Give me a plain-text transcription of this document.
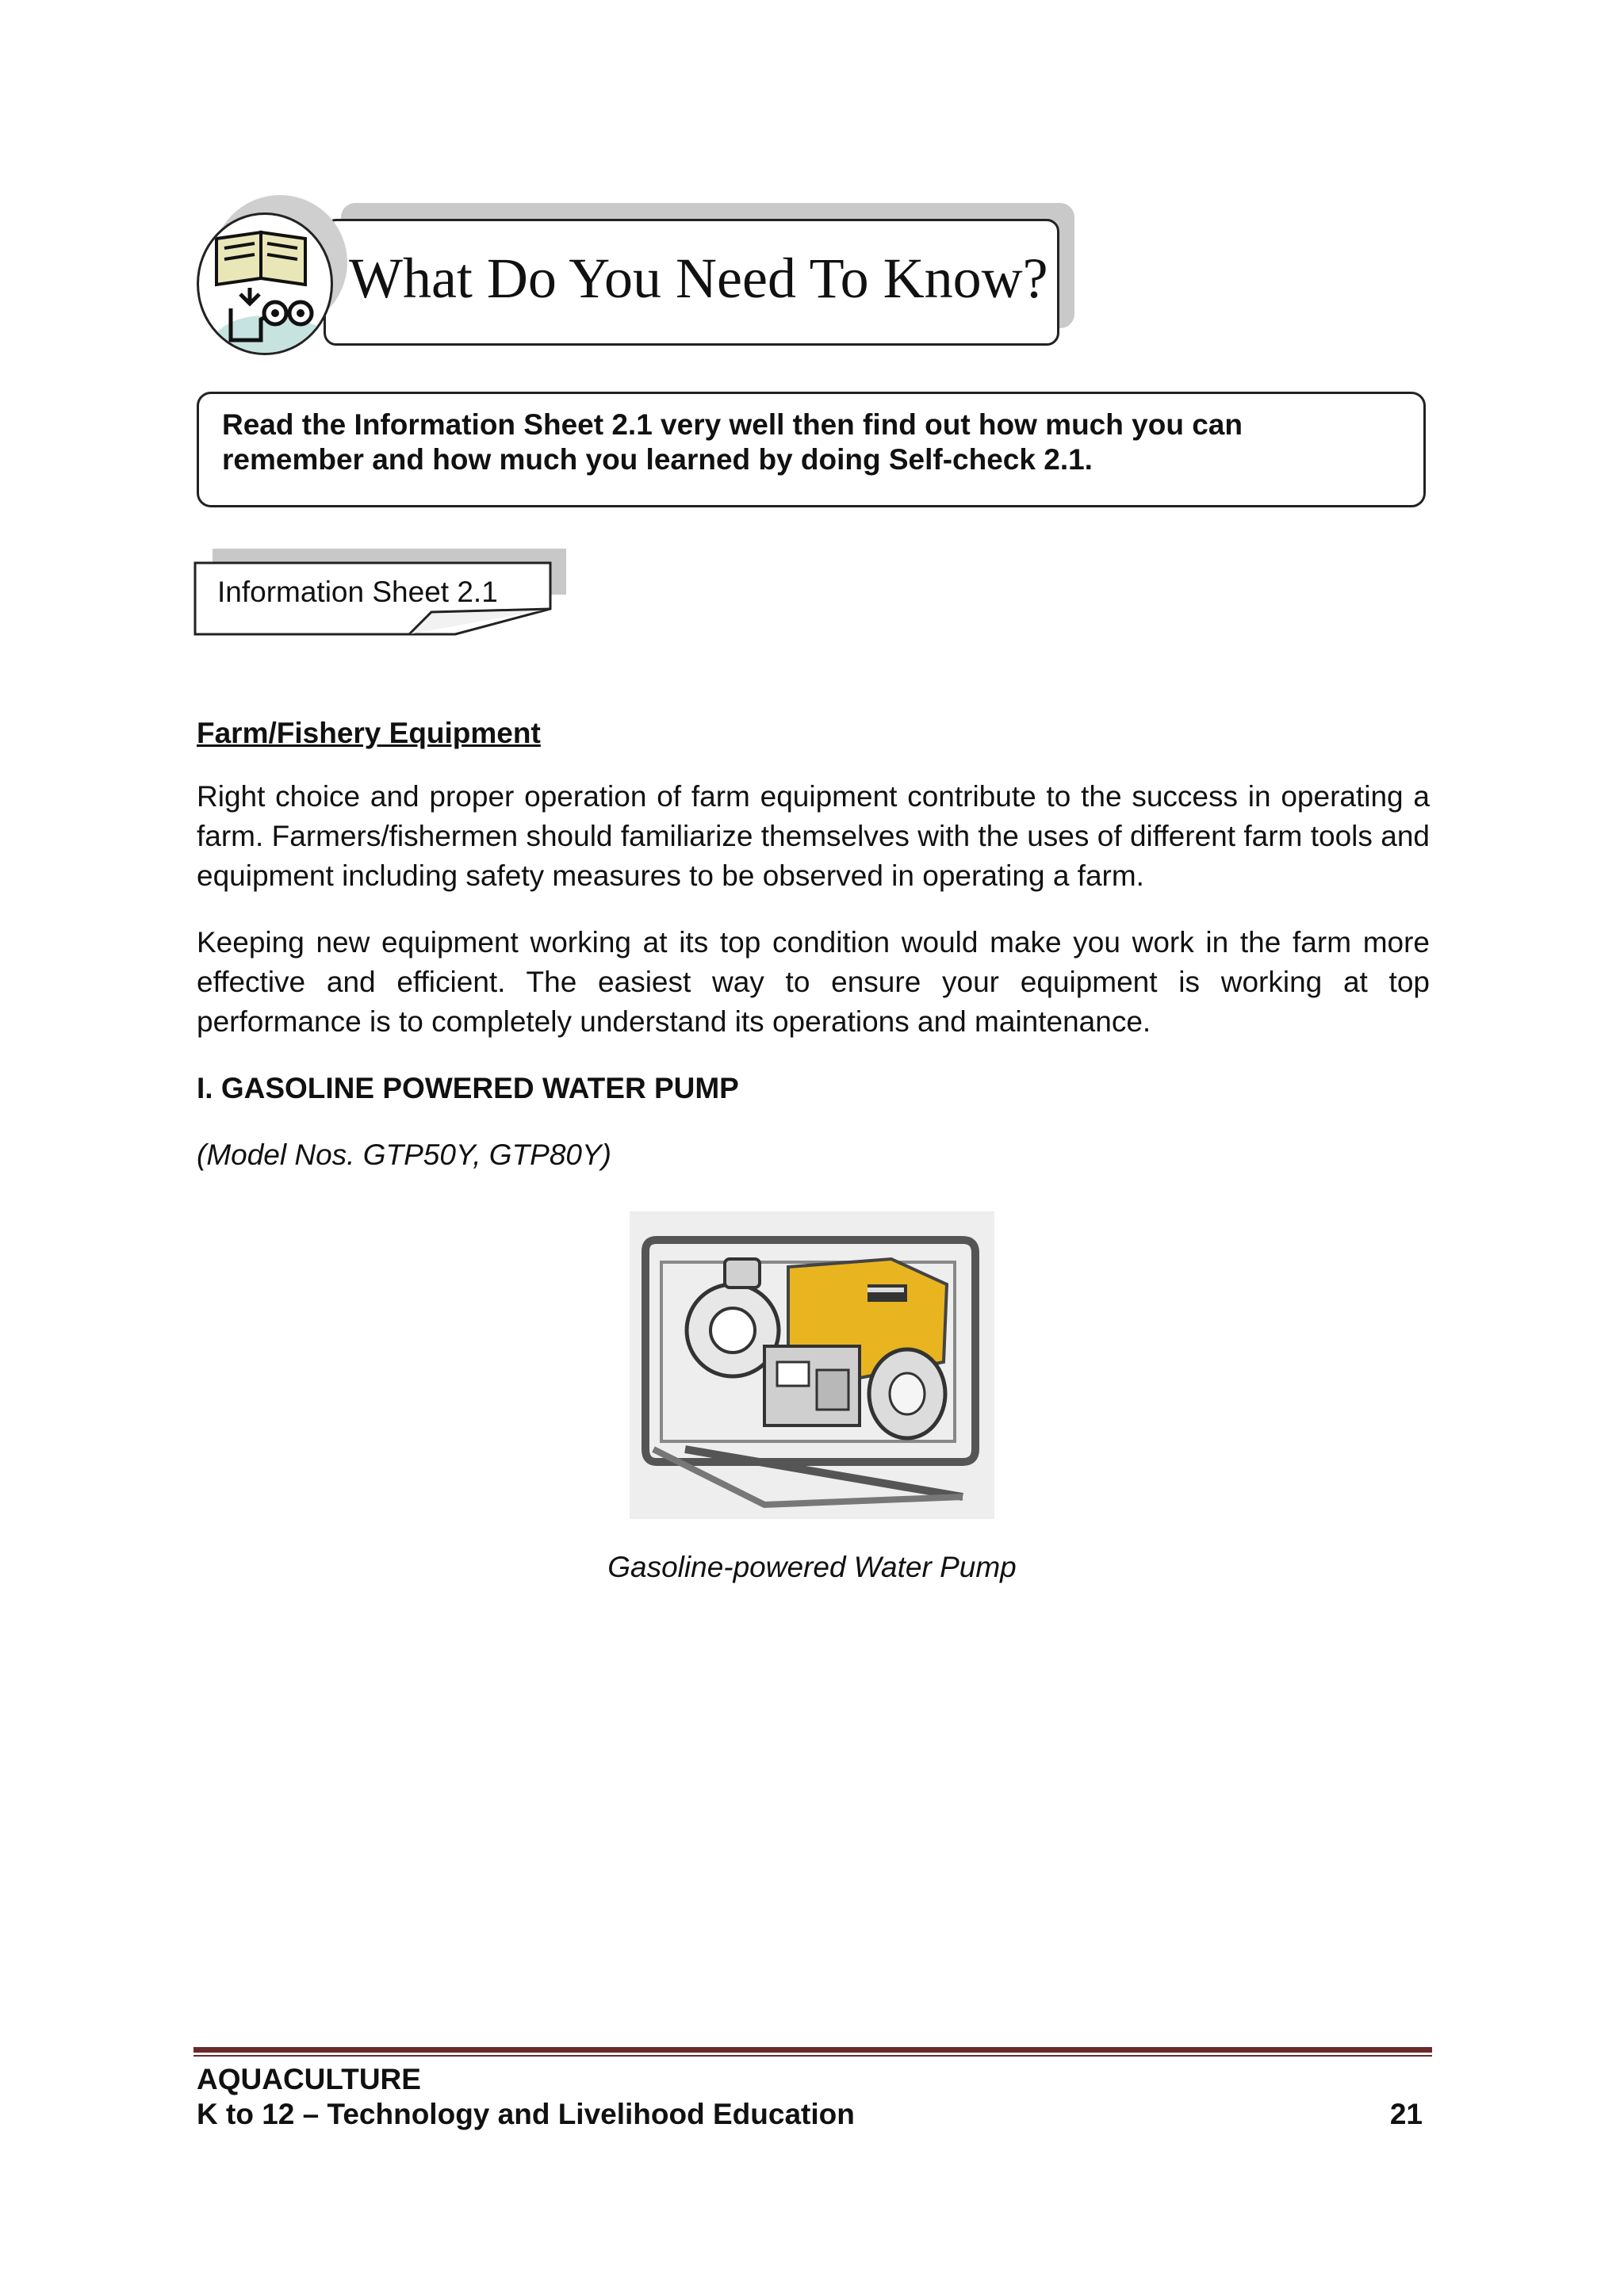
What Do You Need To Know?
Read the Information Sheet 2.1 very well then find out how much you can
remember and how much you learned by doing Self-check 2.1.
Information Sheet 2.1
Farm/Fishery Equipment

Right choice and proper operation of farm equipment contribute to the success in operating a farm. Farmers/fishermen should familiarize themselves with the uses of different farm tools and equipment including safety measures to be observed in operating a farm.

Keeping new equipment working at its top condition would make you work in the farm more effective and efficient. The easiest way to ensure your equipment is working at top performance is to completely understand its operations and maintenance.

I. GASOLINE POWERED WATER PUMP
(Model Nos. GTP50Y, GTP80Y)
Gasoline-powered Water Pump
AQUACULTURE
K to 12 – Technology and Livelihood Education	21
